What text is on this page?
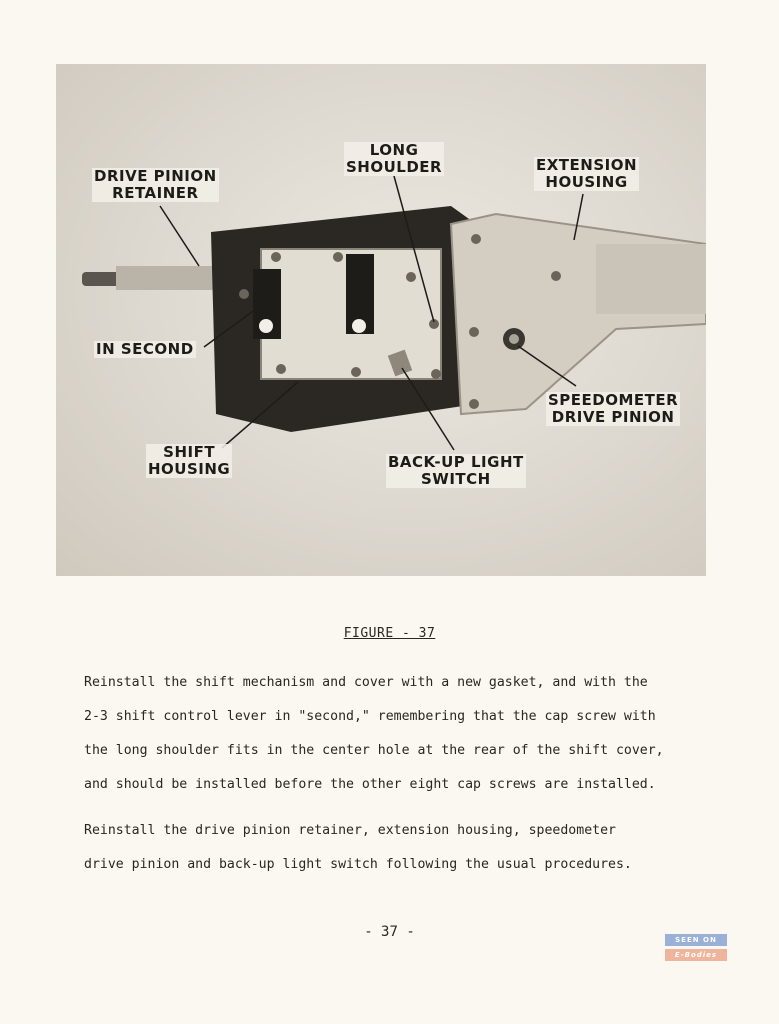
DRIVE PINION
RETAINER
LONG
SHOULDER	EXTENSION
HOUSING
IN SECOND
SPEEDOMETER
DRIVE PINION
SHIFT
HOUSING	BACK-UP LIGHT
SWITCH
FIGURE - 37
Reinstall the shift mechanism and cover with a new gasket, and with the
2-3 shift control lever in "second," remembering that the cap screw with
the long shoulder fits in the center hole at the rear of the shift cover,
and should be installed before the other eight cap screws are installed.
Reinstall the drive pinion retainer, extension housing, speedometer
drive pinion and back-up light switch following the usual procedures.
- 37 -	SEEN ON
E-Bodies
